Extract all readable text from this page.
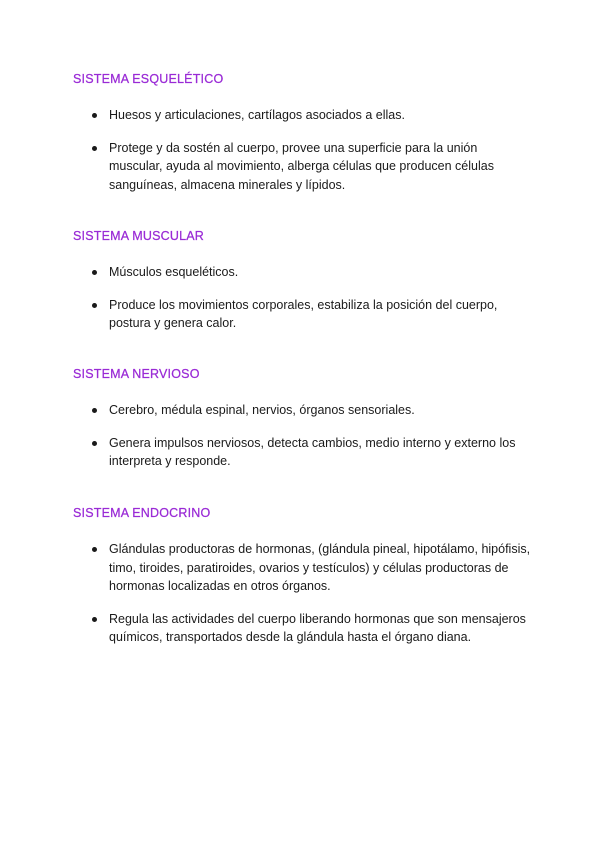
SISTEMA ESQUELÉTICO
Huesos y articulaciones, cartílagos asociados a ellas.
Protege y da sostén al cuerpo, provee una superficie para la unión muscular, ayuda al movimiento, alberga células que producen células sanguíneas, almacena minerales y lípidos.
SISTEMA MUSCULAR
Músculos esqueléticos.
Produce los movimientos corporales, estabiliza la posición del cuerpo, postura y genera calor.
SISTEMA NERVIOSO
Cerebro, médula espinal, nervios, órganos sensoriales.
Genera impulsos nerviosos, detecta cambios, medio interno y externo los interpreta y responde.
SISTEMA ENDOCRINO
Glándulas productoras de hormonas, (glándula pineal, hipotálamo, hipófisis, timo, tiroides, paratiroides, ovarios y testículos) y células productoras de hormonas localizadas en otros órganos.
Regula las actividades del cuerpo liberando hormonas que son mensajeros químicos, transportados desde la glándula hasta el órgano diana.
